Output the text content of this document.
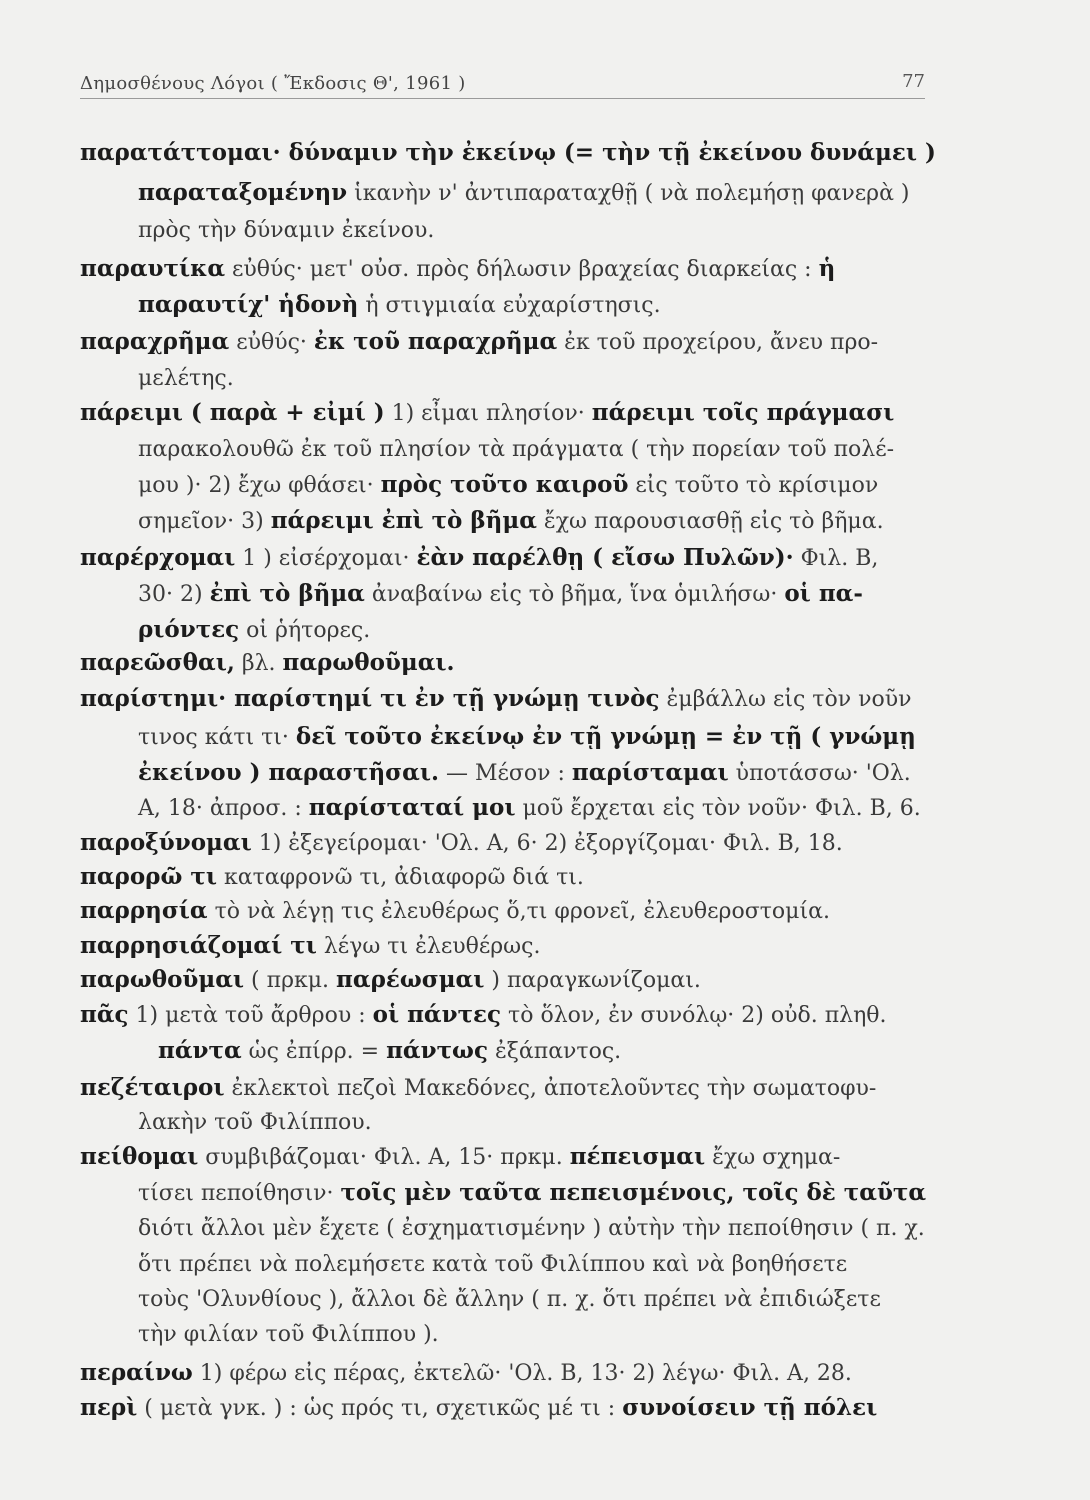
Δημοσθένους Λόγοι ( Ἔκδοσις Θ', 1961 )	77
παρατάττομαι· δύναμιν τὴν ἐκείνῳ (= τὴν τῇ ἐκείνου δυνάμει )
παραταξομένην ἱκανὴν ν' ἀντιπαραταχθῇ ( νὰ πολεμήσῃ φανερὰ )
πρὸς τὴν δύναμιν ἐκείνου.
παραυτίκα εὐθύς· μετ' οὐσ. πρὸς δήλωσιν βραχείας διαρκείας : ἡ
παραυτίχ' ἡδονὴ ἡ στιγμιαία εὐχαρίστησις.
παραχρῆμα εὐθύς· ἐκ τοῦ παραχρῆμα ἐκ τοῦ προχείρου, ἄνευ προ-
μελέτης.
πάρειμι ( παρὰ + εἰμί ) 1) εἶμαι πλησίον· πάρειμι τοῖς πράγμασι
παρακολουθῶ ἐκ τοῦ πλησίον τὰ πράγματα ( τὴν πορείαν τοῦ πολέ-
μου )· 2) ἔχω φθάσει· πρὸς τοῦτο καιροῦ εἰς τοῦτο τὸ κρίσιμον
σημεῖον· 3) πάρειμι ἐπὶ τὸ βῆμα ἔχω παρουσιασθῇ εἰς τὸ βῆμα.
παρέρχομαι 1 ) εἰσέρχομαι· ἐὰν παρέλθῃ ( εἴσω Πυλῶν)· Φιλ. Β,
30· 2) ἐπὶ τὸ βῆμα ἀναβαίνω εἰς τὸ βῆμα, ἵνα ὁμιλήσω· οἱ πα-
ριόντες οἱ ῥήτορες.
παρεῶσθαι, βλ. παρωθοῦμαι.
παρίστημι· παρίστημί τι ἐν τῇ γνώμῃ τινὸς ἐμβάλλω εἰς τὸν νοῦν
τινος κάτι τι· δεῖ τοῦτο ἐκείνῳ ἐν τῇ γνώμῃ = ἐν τῇ ( γνώμῃ
ἐκείνου ) παραστῆσαι. — Μέσον : παρίσταμαι ὑποτάσσω· 'Ολ.
Α, 18· ἀπροσ. : παρίσταταί μοι μοῦ ἔρχεται εἰς τὸν νοῦν· Φιλ. Β, 6.
παροξύνομαι 1) ἐξεγείρομαι· 'Ολ. Α, 6· 2) ἐξοργίζομαι· Φιλ. Β, 18.
παρορῶ τι καταφρονῶ τι, ἀδιαφορῶ διά τι.
παρρησία τὸ νὰ λέγῃ τις ἐλευθέρως ὅ,τι φρονεῖ, ἐλευθεροστομία.
παρρησιάζομαί τι λέγω τι ἐλευθέρως.
παρωθοῦμαι ( πρκμ. παρέωσμαι ) παραγκωνίζομαι.
πᾶς 1) μετὰ τοῦ ἄρθρου : οἱ πάντες τὸ ὅλον, ἐν συνόλῳ· 2) οὐδ. πληθ.
πάντα ὡς ἐπίρρ. = πάντως ἐξάπαντος.
πεζέταιροι ἐκλεκτοὶ πεζοὶ Μακεδόνες, ἀποτελοῦντες τὴν σωματοφυ-
λακὴν τοῦ Φιλίππου.
πείθομαι συμβιβάζομαι· Φιλ. Α, 15· πρκμ. πέπεισμαι ἔχω σχημα-
τίσει πεποίθησιν· τοῖς μὲν ταῦτα πεπεισμένοις, τοῖς δὲ ταῦτα
διότι ἄλλοι μὲν ἔχετε ( ἐσχηματισμένην ) αὐτὴν τὴν πεποίθησιν ( π. χ.
ὅτι πρέπει νὰ πολεμήσετε κατὰ τοῦ Φιλίππου καὶ νὰ βοηθήσετε
τοὺς 'Ολυνθίους ), ἄλλοι δὲ ἄλλην ( π. χ. ὅτι πρέπει νὰ ἐπιδιώξετε
τὴν φιλίαν τοῦ Φιλίππου ).
περαίνω 1) φέρω εἰς πέρας, ἐκτελῶ· 'Ολ. Β, 13· 2) λέγω· Φιλ. Α, 28.
περὶ ( μετὰ γνκ. ) : ὡς πρός τι, σχετικῶς μέ τι : συνοίσειν τῇ πόλει
